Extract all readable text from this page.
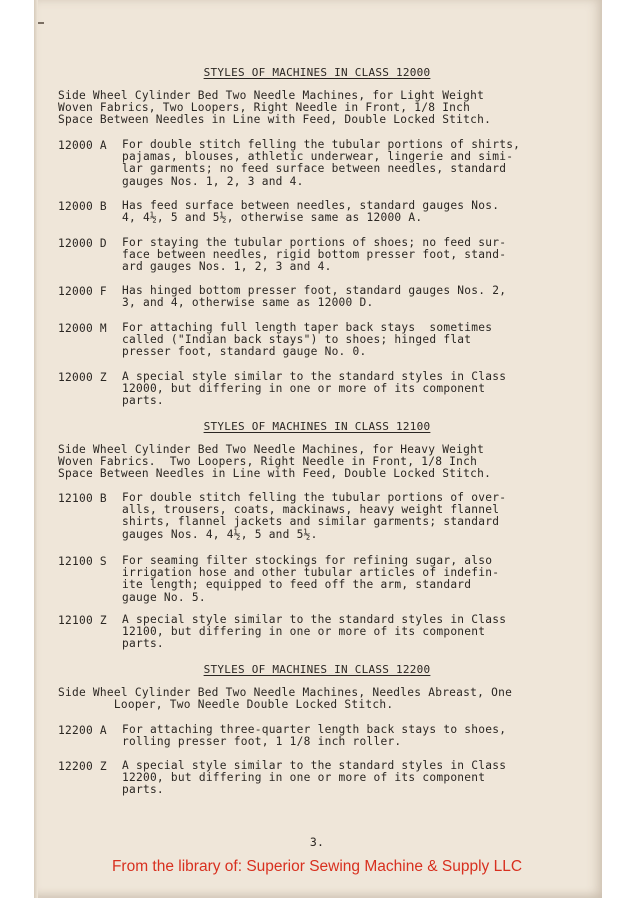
STYLES OF MACHINES IN CLASS 12000
Side Wheel Cylinder Bed Two Needle Machines, for Light Weight
Woven Fabrics, Two Loopers, Right Needle in Front, 1/8 Inch
Space Between Needles in Line with Feed, Double Locked Stitch.
12000 A For double stitch felling the tubular portions of shirts,
pajamas, blouses, athletic underwear, lingerie and simi-
lar garments; no feed surface between needles, standard
gauges Nos. 1, 2, 3 and 4.
12000 B Has feed surface between needles, standard gauges Nos.
4, 4½, 5 and 5½, otherwise same as 12000 A.
12000 D For staying the tubular portions of shoes; no feed sur-
face between needles, rigid bottom presser foot, stand-
ard gauges Nos. 1, 2, 3 and 4.
12000 F Has hinged bottom presser foot, standard gauges Nos. 2,
3, and 4, otherwise same as 12000 D.
12000 M For attaching full length taper back stays  sometimes
called ("Indian back stays") to shoes; hinged flat
presser foot, standard gauge No. 0.
12000 Z A special style similar to the standard styles in Class
12000, but differing in one or more of its component
parts.
STYLES OF MACHINES IN CLASS 12100
Side Wheel Cylinder Bed Two Needle Machines, for Heavy Weight
Woven Fabrics.  Two Loopers, Right Needle in Front, 1/8 Inch
Space Between Needles in Line with Feed, Double Locked Stitch.
12100 B For double stitch felling the tubular portions of over-
alls, trousers, coats, mackinaws, heavy weight flannel
shirts, flannel jackets and similar garments; standard
gauges Nos. 4, 4½, 5 and 5½.
12100 S For seaming filter stockings for refining sugar, also
irrigation hose and other tubular articles of indefin-
ite length; equipped to feed off the arm, standard
gauge No. 5.
12100 Z A special style similar to the standard styles in Class
12100, but differing in one or more of its component
parts.
STYLES OF MACHINES IN CLASS 12200
Side Wheel Cylinder Bed Two Needle Machines, Needles Abreast, One
Looper, Two Needle Double Locked Stitch.
12200 A For attaching three-quarter length back stays to shoes,
rolling presser foot, 1 1/8 inch roller.
12200 Z A special style similar to the standard styles in Class
12200, but differing in one or more of its component
parts.
3.
From the library of: Superior Sewing Machine & Supply LLC
